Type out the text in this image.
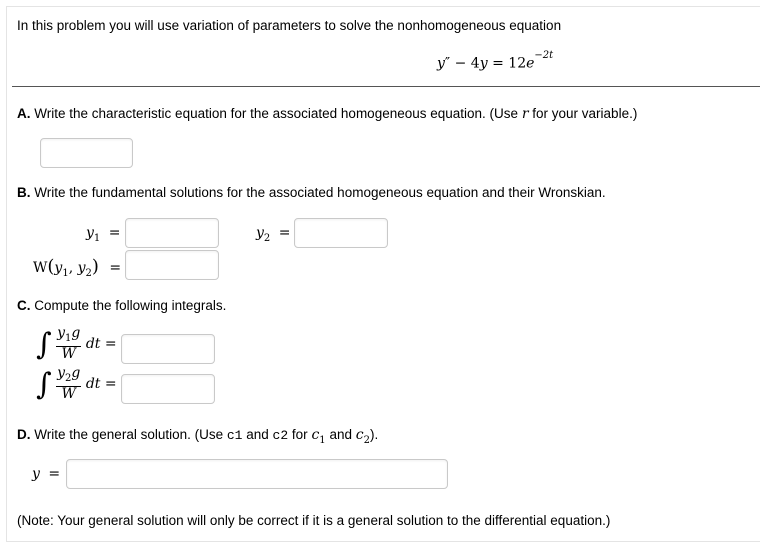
In this problem you will use variation of parameters to solve the nonhomogeneous equation
$y'' - 4y = 12e^{-2t}$
A. Write the characteristic equation for the associated homogeneous equation. (Use r for your variable.)
B. Write the fundamental solutions for the associated homogeneous equation and their Wronskian.
$y_1$ =	$y_2$ =
$W(y_1$, $y_2$) =
C. Compute the following integrals.
∫ $\frac{y_1g}{W}$ dt =
∫ $\frac{y_2g}{W}$ dt =
D. Write the general solution. (Use c1 and c2 for $c_1$ and $c_2$).
y =
(Note: Your general solution will only be correct if it is a general solution to the differential equation.)
